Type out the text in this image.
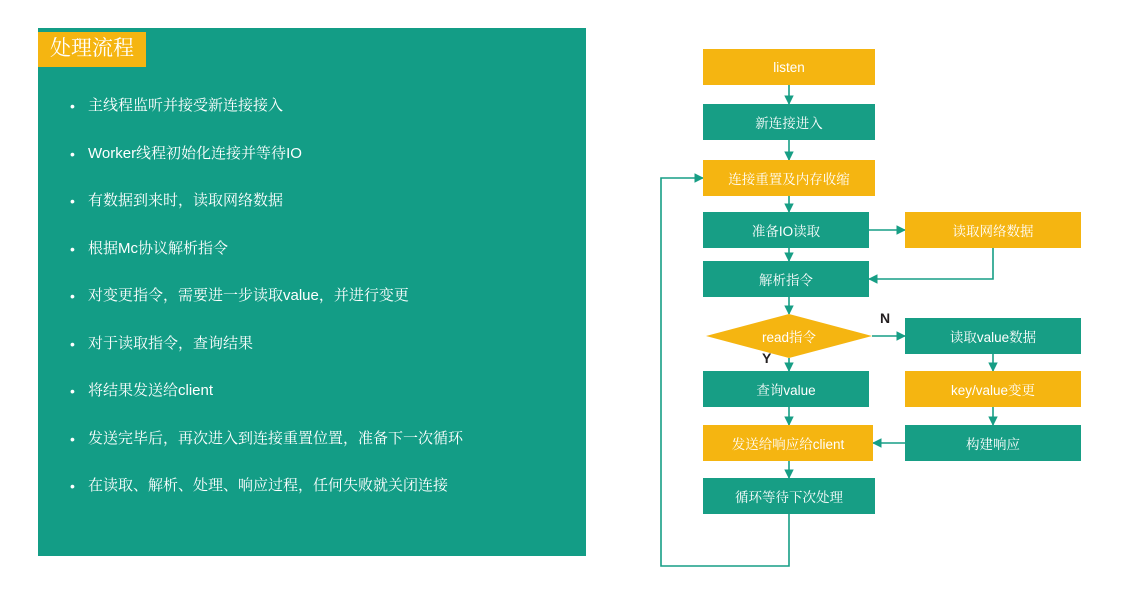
处理流程
• 主线程监听并接受新连接接入
• Worker线程初始化连接并等待IO
• 有数据到来时，读取网络数据
• 根据Mc协议解析指令
• 对变更指令，需要进一步读取value，并进行变更
• 对于读取指令，查询结果
• 将结果发送给client
• 发送完毕后，再次进入到连接重置位置，准备下一次循环
• 在读取、解析、处理、响应过程，任何失败就关闭连接
listen
新连接进入
连接重置及内存收缩
准备IO读取	读取网络数据
解析指令
read指令
N
Y
读取value数据
查询value	key/value变更
发送给响应给client	构建响应
循环等待下次处理
